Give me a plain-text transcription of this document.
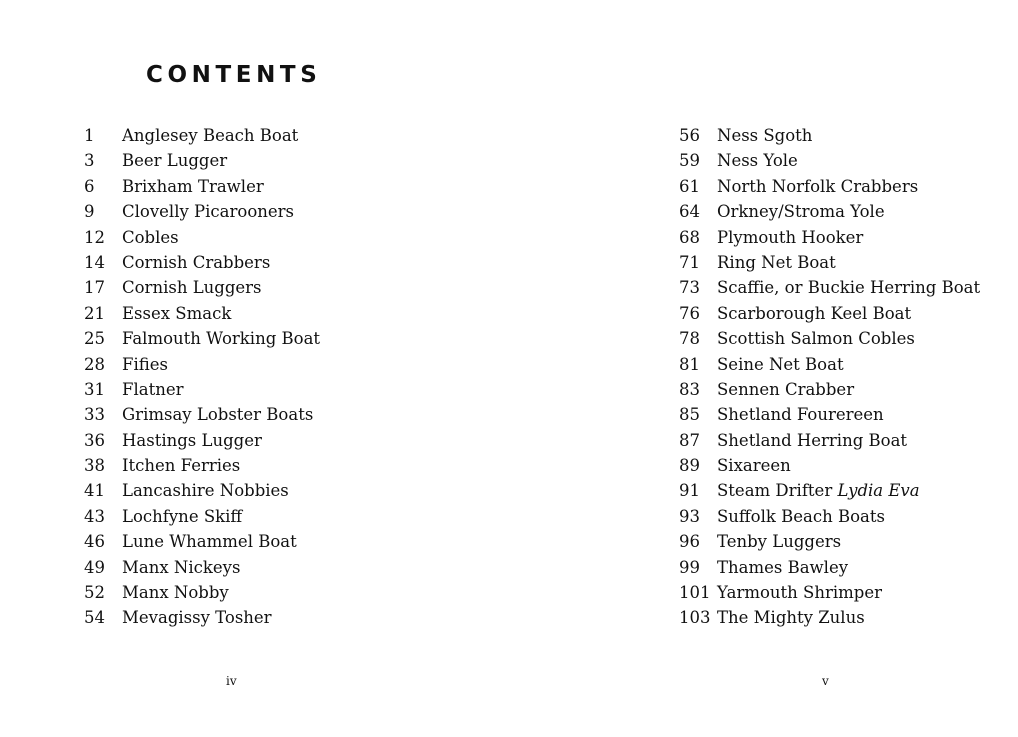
CONTENTS
1 Anglesey Beach Boat
3 Beer Lugger
6 Brixham Trawler
9 Clovelly Picarooners
12 Cobles
14 Cornish Crabbers
17 Cornish Luggers
21 Essex Smack
25 Falmouth Working Boat
28 Fifies
31 Flatner
33 Grimsay Lobster Boats
36 Hastings Lugger
38 Itchen Ferries
41 Lancashire Nobbies
43 Lochfyne Skiff
46 Lune Whammel Boat
49 Manx Nickeys
52 Manx Nobby
54 Mevagissy Tosher
iv
56 Ness Sgoth
59 Ness Yole
61 North Norfolk Crabbers
64 Orkney/Stroma Yole
68 Plymouth Hooker
71 Ring Net Boat
73 Scaffie, or Buckie Herring Boat
76 Scarborough Keel Boat
78 Scottish Salmon Cobles
81 Seine Net Boat
83 Sennen Crabber
85 Shetland Fourereen
87 Shetland Herring Boat
89 Sixareen
91 Steam Drifter Lydia Eva
93 Suffolk Beach Boats
96 Tenby Luggers
99 Thames Bawley
101 Yarmouth Shrimper
103 The Mighty Zulus
v
